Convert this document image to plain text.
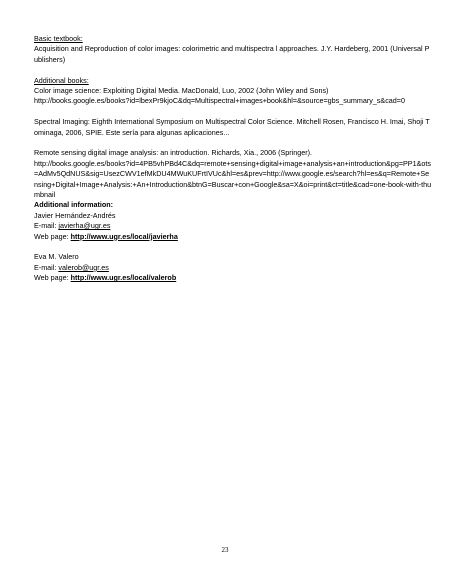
Basic textbook:
Acquisition and Reproduction of color images: colorimetric and multispectra l approaches. J.Y. Hardeberg, 2001 (Universal Publishers)
Additional books:
Color image science: Exploiting Digital Media. MacDonald, Luo, 2002 (John Wiley and Sons)
http://books.google.es/books?id=lbexPr9kjoC&dq=Multispectral+images+book&hl=&source=gbs_summary_s&cad=0
Spectral Imaging: Eighth International Symposium on Multispectral Color Science. Mitchell Rosen, Francisco H. Imai, Shoji Tominaga, 2006, SPIE. Este sería para algunas aplicaciones...
Remote sensing digital image analysis: an introduction. Richards, Xia., 2006 (Springer).
http://books.google.es/books?id=4PB5vhPBd4C&dq=remote+sensing+digital+image+analysis+an+introduction&pg=PP1&ots=AdMv5QdNUS&sig=UsezCWV1efMkDU4MWuKUFrtIVUc&hl=es&prev=http://www.google.es/search?hl=es&q=Remote+Sensing+Digital+Image+Analysis:+An+Introduction&btnG=Buscar+con+Google&sa=X&oi=print&ct=title&cad=one-book-with-thumbnail
Additional information:
Javier Hernández-Andrés
E-mail: javierha@ugr.es
Web page: http://www.ugr.es/local/javierha
Eva M. Valero
E-mail: valerob@ugr.es
Web page: http://www.ugr.es/local/valerob
23
